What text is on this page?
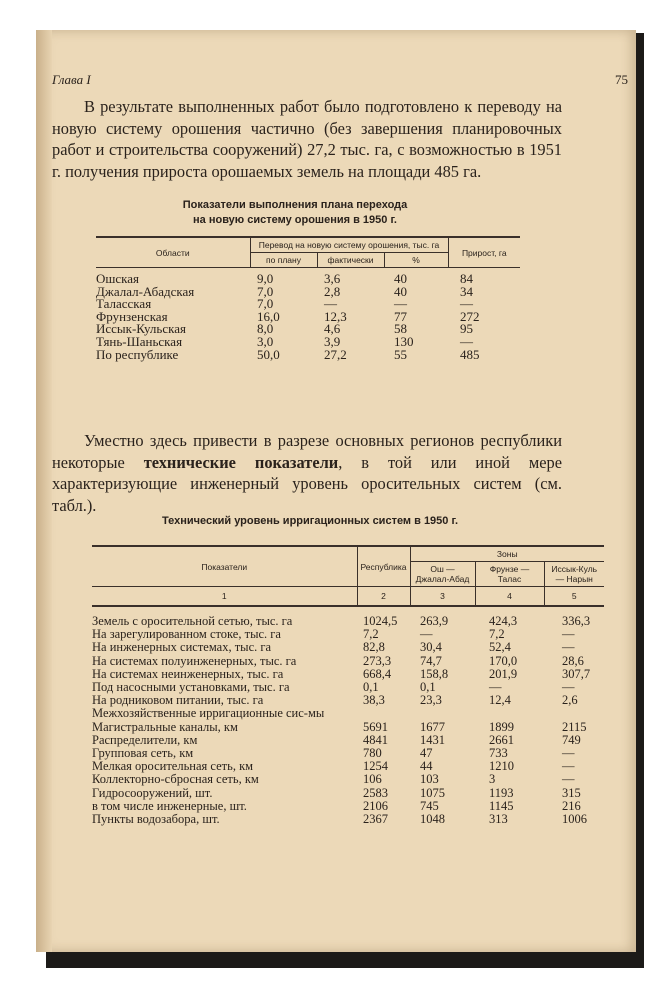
Глава I	75

В результате выполненных работ было подготовлено к переводу на новую систему орошения частично (без завершения планировочных работ и строительства сооружений) 27,2 тыс. га, с возможностью в 1951 г. получения прироста орошаемых земель на площади 485 га.

Показатели выполнения плана перехода
на новую систему орошения в 1950 г.
Области	Перевод на новую систему орошения, тыс. га			Прирост, га
	по плану	фактически	%	
Ошская	9,0	3,6	40	84
Джалал-Абадская	7,0	2,8	40	34
Таласская	7,0	—	—	—
Фрунзенская	16,0	12,3	77	272
Иссык-Кульская	8,0	4,6	58	95
Тянь-Шаньская	3,0	3,9	130	—
По республике	50,0	27,2	55	485

Уместно здесь привести в разрезе основных регионов республики некоторые технические показатели, в той или иной мере характеризующие инженерный уровень оросительных систем (см. табл.).

Технический уровень ирригационных систем в 1950 г.
Показатели	Республика	Зоны		
		Ош — Джалал-Абад	Фрунзе — Талас	Иссык-Куль — Нарын
1	2	3	4	5
Земель с оросительной сетью, тыс. га	1024,5	263,9	424,3	336,3
На зарегулированном стоке, тыс. га	7,2	—	7,2	—
На инженерных системах, тыс. га	82,8	30,4	52,4	—
На системах полуинженерных, тыс. га	273,3	74,7	170,0	28,6
На системах неинженерных, тыс. га	668,4	158,8	201,9	307,7
Под насосными установками, тыс. га	0,1	0,1	—	—
На родниковом питании, тыс. га	38,3	23,3	12,4	2,6
Межхозяйственные ирригационные сис-мы				
Магистральные каналы, км	5691	1677	1899	2115
Распределители, км	4841	1431	2661	749
Групповая сеть, км	780	47	733	—
Мелкая оросительная сеть, км	1254	44	1210	—
Коллекторно-сбросная сеть, км	106	103	3	—
Гидросооружений, шт.	2583	1075	1193	315
в том числе инженерные, шт.	2106	745	1145	216
Пункты водозабора, шт.	2367	1048	313	1006
